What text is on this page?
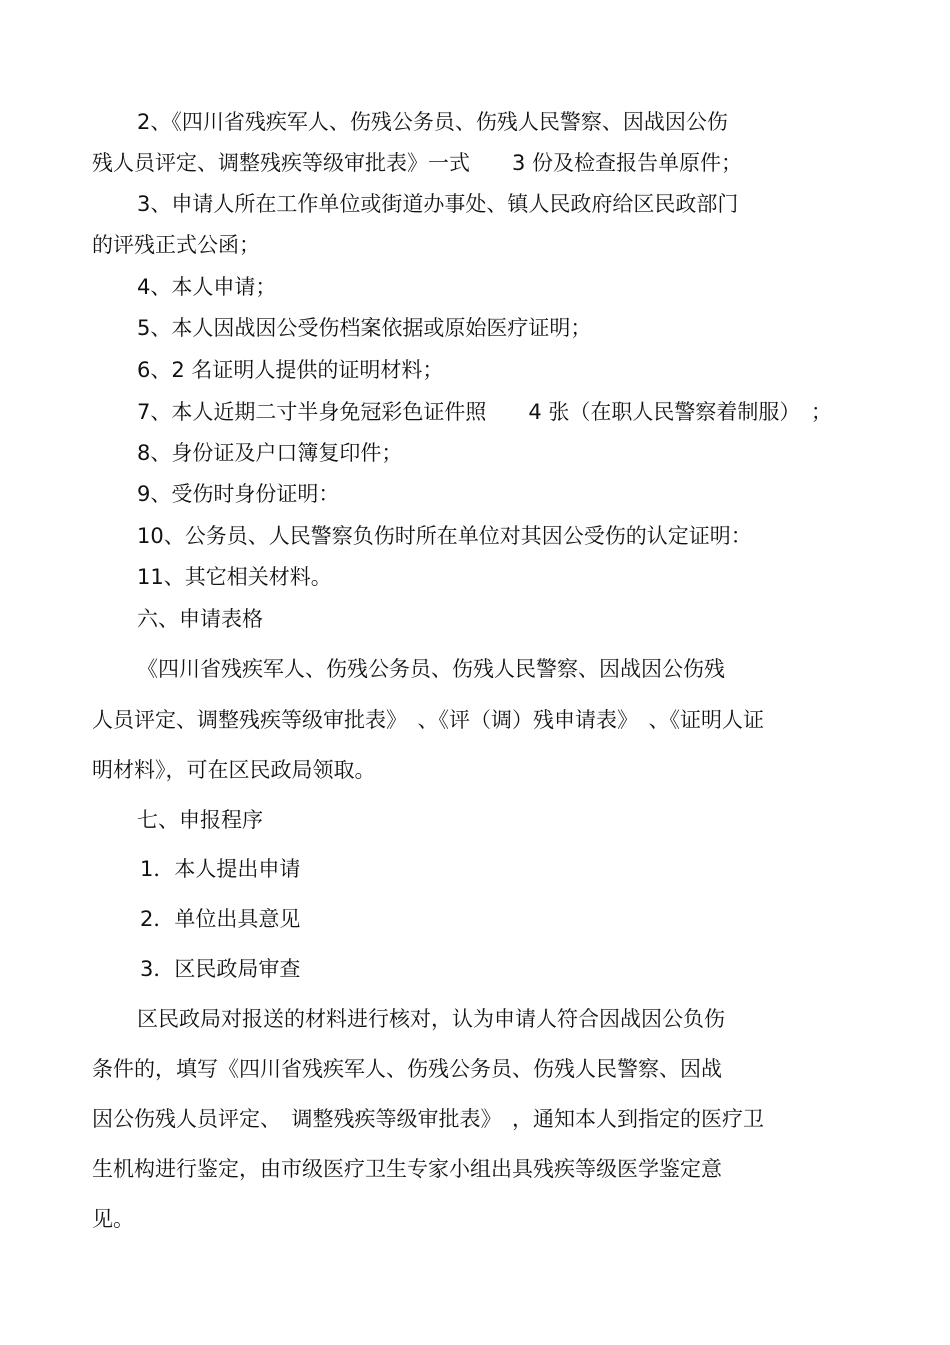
2、《四川省残疾军人、伤残公务员、伤残人民警察、因战因公伤
残人员评定、调整残疾等级审批表》一式　　3 份及检查报告单原件；
3、申请人所在工作单位或街道办事处、镇人民政府给区民政部门
的评残正式公函；
4、本人申请；
5、本人因战因公受伤档案依据或原始医疗证明；
6、2 名证明人提供的证明材料；
7、本人近期二寸半身免冠彩色证件照　　4 张（在职人民警察着制服）　；
8、身份证及户口簿复印件；
9、受伤时身份证明：
10、公务员、人民警察负伤时所在单位对其因公受伤的认定证明：
11、其它相关材料。
六、申请表格
《四川省残疾军人、伤残公务员、伤残人民警察、因战因公伤残
人员评定、调整残疾等级审批表》　、《评（调）残申请表》　、《证明人证
明材料》，可在区民政局领取。
七、申报程序
1．本人提出申请
2．单位出具意见
3．区民政局审查
区民政局对报送的材料进行核对，认为申请人符合因战因公负伤
条件的，填写《四川省残疾军人、伤残公务员、伤残人民警察、因战
因公伤残人员评定、　调整残疾等级审批表》　，通知本人到指定的医疗卫
生机构进行鉴定，由市级医疗卫生专家小组出具残疾等级医学鉴定意
见。
